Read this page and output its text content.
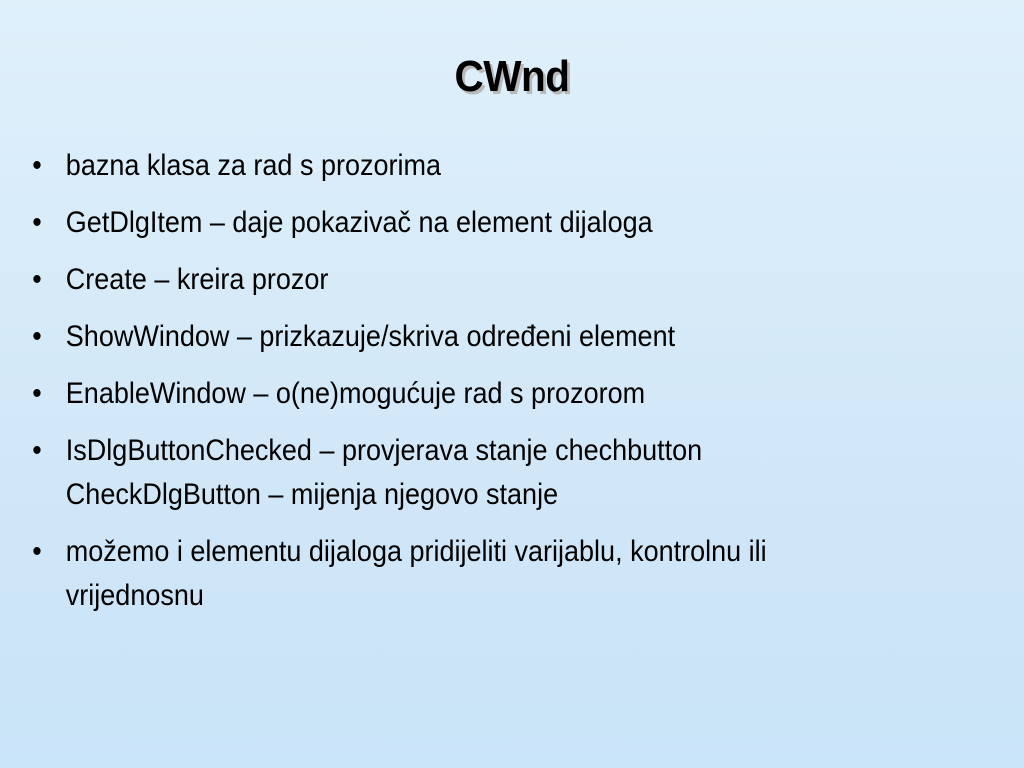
CWnd
• bazna klasa za rad s prozorima
• GetDlgItem – daje pokazivač na element dijaloga
• Create – kreira prozor
• ShowWindow – prizkazuje/skriva određeni element
• EnableWindow – o(ne)mogućuje rad s prozorom
• IsDlgButtonChecked – provjerava stanje chechbutton
CheckDlgButton – mijenja njegovo stanje
• možemo i elementu dijaloga pridijeliti varijablu, kontrolnu ili
vrijednosnu
